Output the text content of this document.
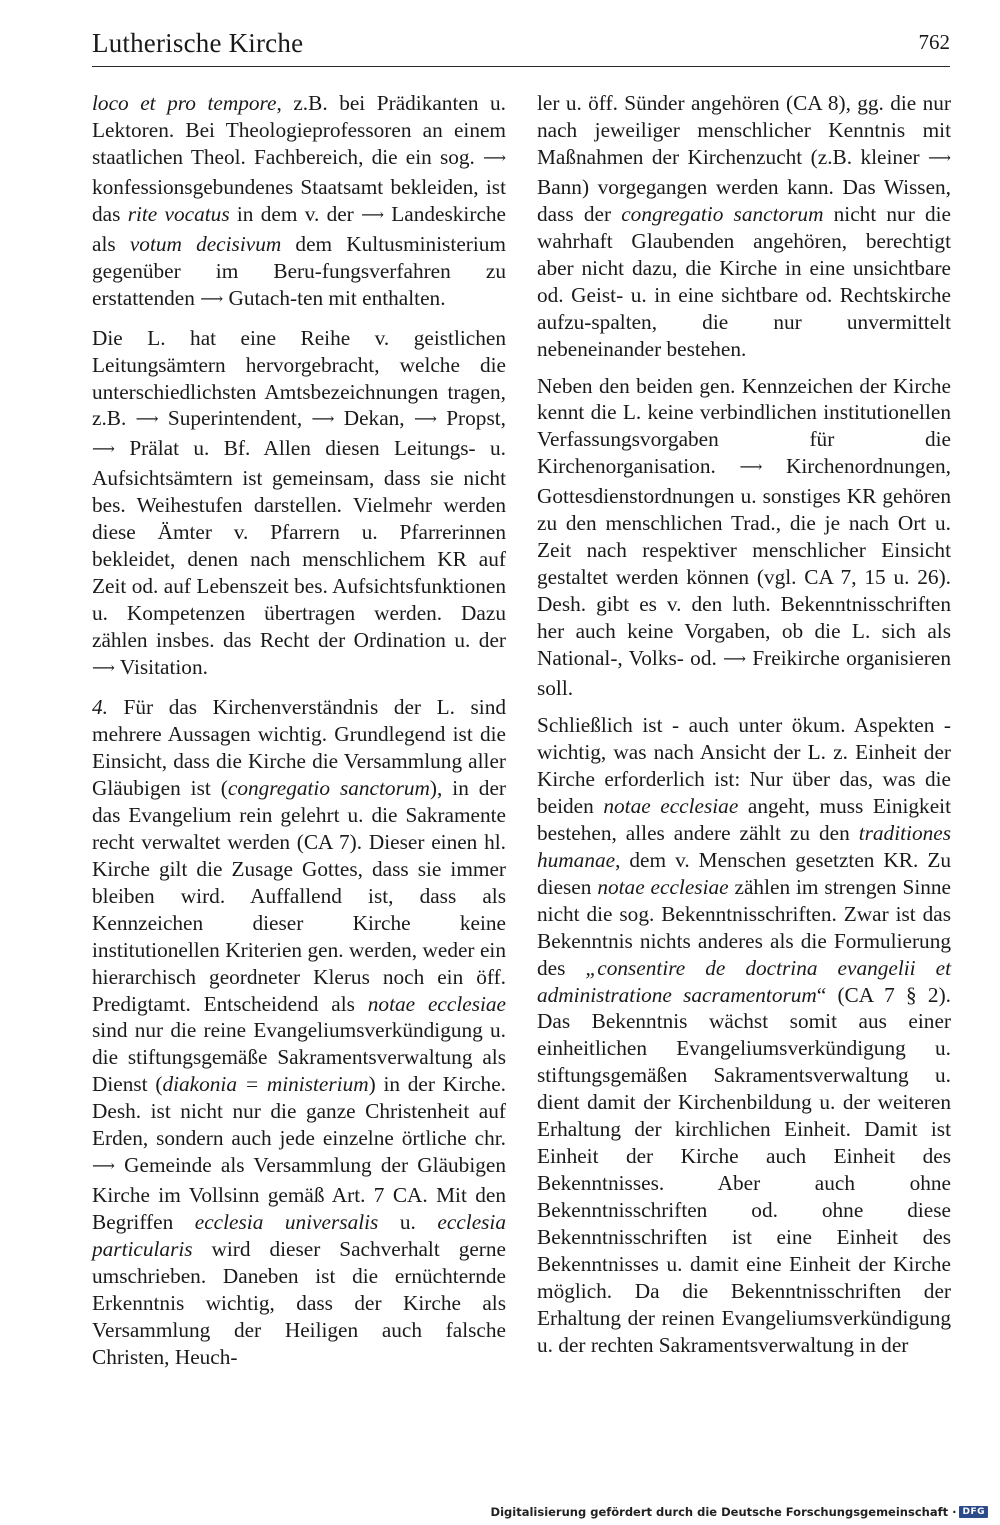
Lutherische Kirche	762

loco et pro tempore, z.B. bei Prädikanten u. Lektoren. Bei Theologieprofessoren an einem staatlichen Theol. Fachbereich, die ein sog. ⟶ konfessionsgebundenes Staatsamt bekleiden, ist das rite vocatus in dem v. der ⟶ Landeskirche als votum decisivum dem Kultusministerium gegenüber im Beru-fungsverfahren zu erstattenden ⟶ Gutach-ten mit enthalten.

Die L. hat eine Reihe v. geistlichen Leitungsämtern hervorgebracht, welche die unterschiedlichsten Amtsbezeichnungen tragen, z.B. ⟶ Superintendent, ⟶ Dekan, ⟶ Propst, ⟶ Prälat u. Bf. Allen diesen Leitungs- u. Aufsichtsämtern ist gemeinsam, dass sie nicht bes. Weihestufen darstellen. Vielmehr werden diese Ämter v. Pfarrern u. Pfarrerinnen bekleidet, denen nach menschlichem KR auf Zeit od. auf Lebenszeit bes. Aufsichtsfunktionen u. Kompetenzen übertragen werden. Dazu zählen insbes. das Recht der Ordination u. der ⟶ Visitation.

4. Für das Kirchenverständnis der L. sind mehrere Aussagen wichtig. Grundlegend ist die Einsicht, dass die Kirche die Versammlung aller Gläubigen ist (congregatio sanctorum), in der das Evangelium rein gelehrt u. die Sakramente recht verwaltet werden (CA 7). Dieser einen hl. Kirche gilt die Zusage Gottes, dass sie immer bleiben wird. Auffallend ist, dass als Kennzeichen dieser Kirche keine institutionellen Kriterien gen. werden, weder ein hierarchisch geordneter Klerus noch ein öff. Predigtamt. Entscheidend als notae ecclesiae sind nur die reine Evangeliumsverkündigung u. die stiftungsgemäße Sakramentsverwaltung als Dienst (diakonia = ministerium) in der Kirche. Desh. ist nicht nur die ganze Christenheit auf Erden, sondern auch jede einzelne örtliche chr. ⟶ Gemeinde als Versammlung der Gläubigen Kirche im Vollsinn gemäß Art. 7 CA. Mit den Begriffen ecclesia universalis u. ecclesia particularis wird dieser Sachverhalt gerne umschrieben. Daneben ist die ernüchternde Erkenntnis wichtig, dass der Kirche als Versammlung der Heiligen auch falsche Christen, Heuch-

ler u. öff. Sünder angehören (CA 8), gg. die nur nach jeweiliger menschlicher Kenntnis mit Maßnahmen der Kirchenzucht (z.B. kleiner ⟶ Bann) vorgegangen werden kann. Das Wissen, dass der congregatio sanctorum nicht nur die wahrhaft Glaubenden angehören, berechtigt aber nicht dazu, die Kirche in eine unsichtbare od. Geist- u. in eine sichtbare od. Rechtskirche aufzu-spalten, die nur unvermittelt nebeneinander bestehen.

Neben den beiden gen. Kennzeichen der Kirche kennt die L. keine verbindlichen institutionellen Verfassungsvorgaben für die Kirchenorganisation. ⟶ Kirchenordnungen, Gottesdienstordnungen u. sonstiges KR gehören zu den menschlichen Trad., die je nach Ort u. Zeit nach respektiver menschlicher Einsicht gestaltet werden können (vgl. CA 7, 15 u. 26). Desh. gibt es v. den luth. Bekenntnisschriften her auch keine Vorgaben, ob die L. sich als National-, Volks- od. ⟶ Freikirche organisieren soll.

Schließlich ist - auch unter ökum. Aspekten - wichtig, was nach Ansicht der L. z. Einheit der Kirche erforderlich ist: Nur über das, was die beiden notae ecclesiae angeht, muss Einigkeit bestehen, alles andere zählt zu den traditiones humanae, dem v. Menschen gesetzten KR. Zu diesen notae ecclesiae zählen im strengen Sinne nicht die sog. Bekenntnisschriften. Zwar ist das Bekenntnis nichts anderes als die Formulierung des „consentire de doctrina evangelii et administratione sacramentorum“ (CA 7 § 2). Das Bekenntnis wächst somit aus einer einheitlichen Evangeliumsverkündigung u. stiftungsgemäßen Sakramentsverwaltung u. dient damit der Kirchenbildung u. der weiteren Erhaltung der kirchlichen Einheit. Damit ist Einheit der Kirche auch Einheit des Bekenntnisses. Aber auch ohne Bekenntnisschriften od. ohne diese Bekenntnisschriften ist eine Einheit des Bekenntnisses u. damit eine Einheit der Kirche möglich. Da die Bekenntnisschriften der Erhaltung der reinen Evangeliumsverkündigung u. der rechten Sakramentsverwaltung in der

Digitalisierung gefördert durch die Deutsche Forschungsgemeinschaft · DFG
